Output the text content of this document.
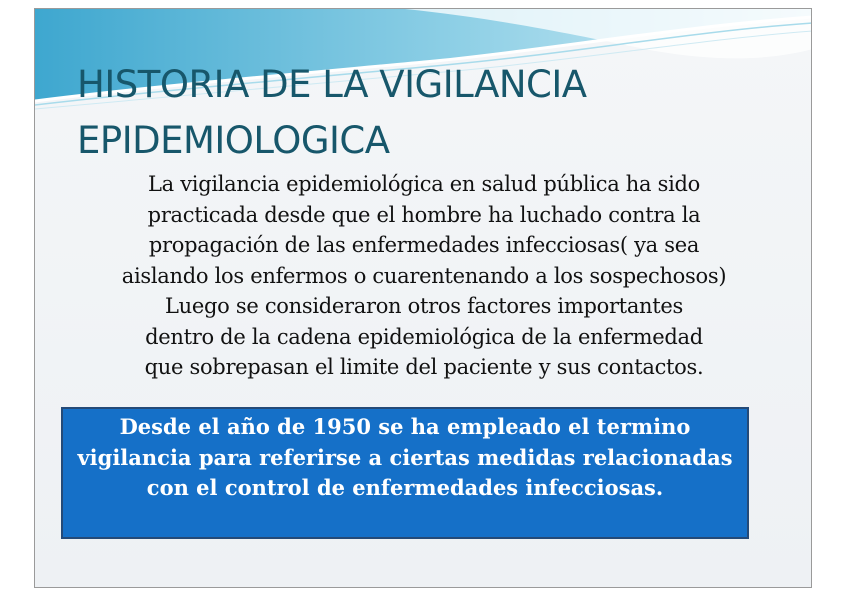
HISTORIA DE LA VIGILANCIA
EPIDEMIOLOGICA
La vigilancia epidemiológica en salud pública ha sido
practicada desde que el hombre ha luchado contra la
propagación de las enfermedades infecciosas( ya sea
aislando los enfermos o cuarentenando a los sospechosos)
Luego se consideraron otros factores importantes
dentro de la cadena epidemiológica de la enfermedad
que sobrepasan el limite del paciente y sus contactos.
Desde el año de 1950 se ha empleado el termino
vigilancia para referirse a ciertas medidas relacionadas
con el control de enfermedades infecciosas.
